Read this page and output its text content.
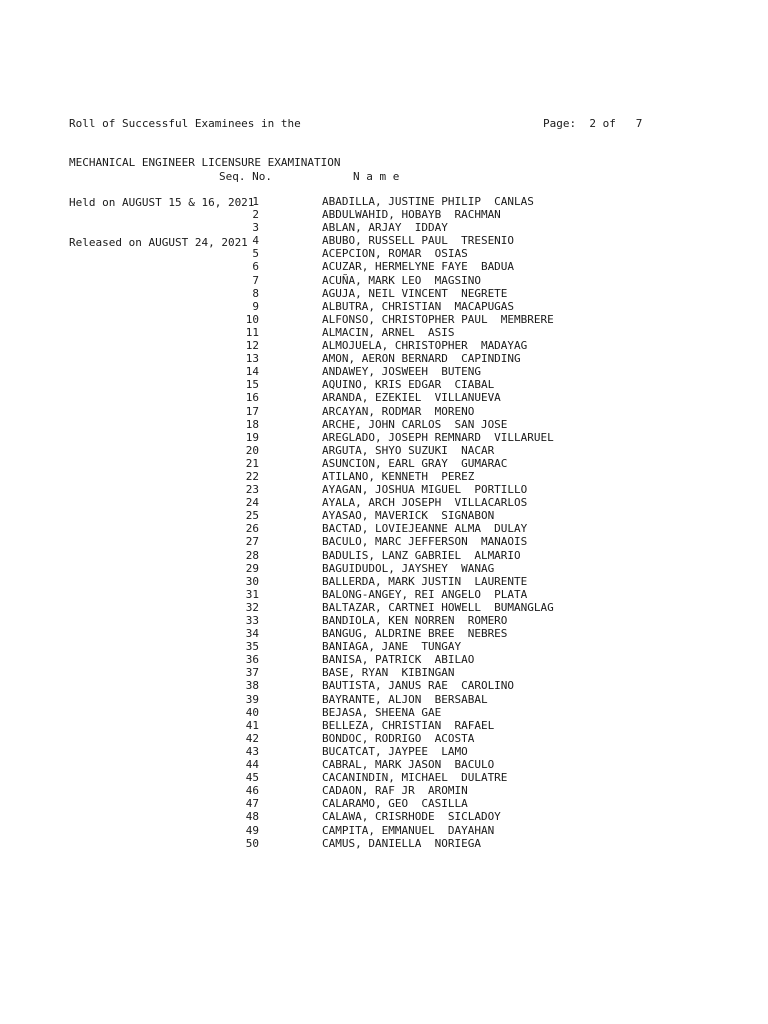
Roll of Successful Examinees in the

MECHANICAL ENGINEER LICENSURE EXAMINATION

Held on AUGUST 15 & 16, 2021

Released on AUGUST 24, 2021

Page: 2 of 7

Seq. No.

	N a m e

1	ABADILLA, JUSTINE PHILIP  CANLAS
2	ABDULWAHID, HOBAYB  RACHMAN
3	ABLAN, ARJAY  IDDAY
4	ABUBO, RUSSELL PAUL  TRESENIO
5	ACEPCION, ROMAR  OSIAS
6	ACUZAR, HERMELYNE FAYE  BADUA
7	ACUÑA, MARK LEO  MAGSINO
8	AGUJA, NEIL VINCENT  NEGRETE
9	ALBUTRA, CHRISTIAN  MACAPUGAS
10	ALFONSO, CHRISTOPHER PAUL  MEMBRERE
11	ALMACIN, ARNEL  ASIS
12	ALMOJUELA, CHRISTOPHER  MADAYAG
13	AMON, AERON BERNARD  CAPINDING
14	ANDAWEY, JOSWEEH  BUTENG
15	AQUINO, KRIS EDGAR  CIABAL
16	ARANDA, EZEKIEL  VILLANUEVA
17	ARCAYAN, RODMAR  MORENO
18	ARCHE, JOHN CARLOS  SAN JOSE
19	AREGLADO, JOSEPH REMNARD  VILLARUEL
20	ARGUTA, SHYO SUZUKI  NACAR
21	ASUNCION, EARL GRAY  GUMARAC
22	ATILANO, KENNETH  PEREZ
23	AYAGAN, JOSHUA MIGUEL  PORTILLO
24	AYALA, ARCH JOSEPH  VILLACARLOS
25	AYASAO, MAVERICK  SIGNABON
26	BACTAD, LOVIEJEANNE ALMA  DULAY
27	BACULO, MARC JEFFERSON  MANAOIS
28	BADULIS, LANZ GABRIEL  ALMARIO
29	BAGUIDUDOL, JAYSHEY  WANAG
30	BALLERDA, MARK JUSTIN  LAURENTE
31	BALONG-ANGEY, REI ANGELO  PLATA
32	BALTAZAR, CARTNEI HOWELL  BUMANGLAG
33	BANDIOLA, KEN NORREN  ROMERO
34	BANGUG, ALDRINE BREE  NEBRES
35	BANIAGA, JANE  TUNGAY
36	BANISA, PATRICK  ABILAO
37	BASE, RYAN  KIBINGAN
38	BAUTISTA, JANUS RAE  CAROLINO
39	BAYRANTE, ALJON  BERSABAL
40	BEJASA, SHEENA GAE
41	BELLEZA, CHRISTIAN  RAFAEL
42	BONDOC, RODRIGO  ACOSTA
43	BUCATCAT, JAYPEE  LAMO
44	CABRAL, MARK JASON  BACULO
45	CACANINDIN, MICHAEL  DULATRE
46	CADAON, RAF JR  AROMIN
47	CALARAMO, GEO  CASILLA
48	CALAWA, CRISRHODE  SICLADOY
49	CAMPITA, EMMANUEL  DAYAHAN
50	CAMUS, DANIELLA  NORIEGA
